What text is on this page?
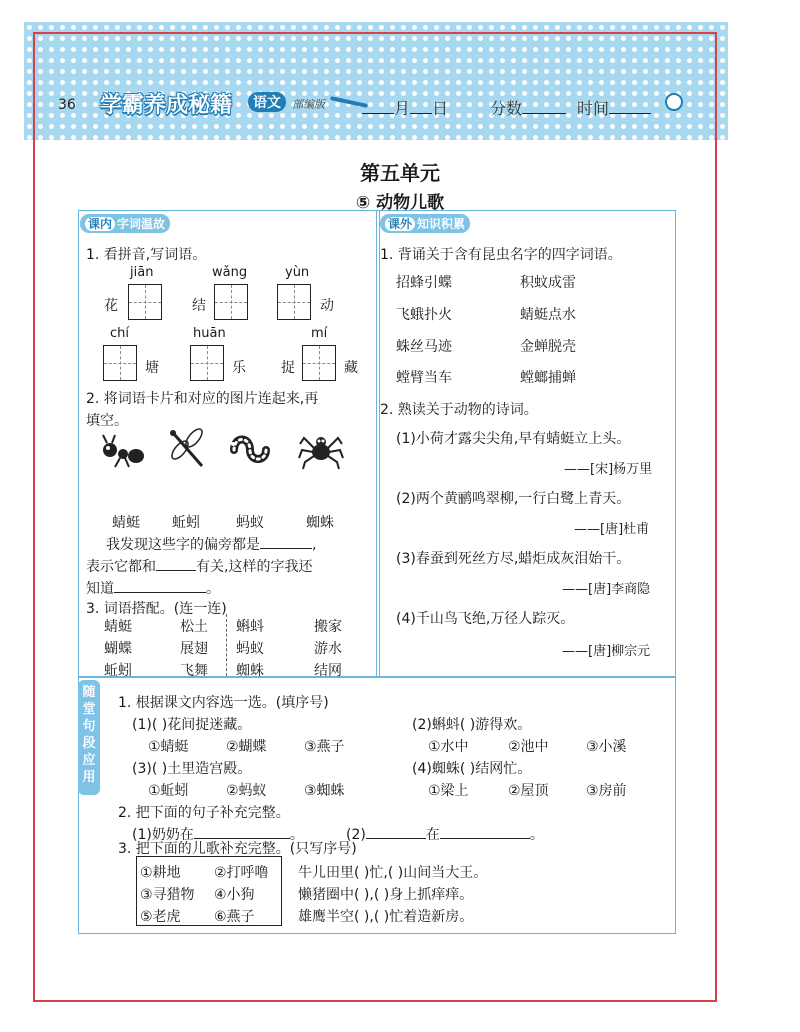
36 学霸养成秘籍	语文	部编版	月 日	分数	时间
第五单元
⑤ 动物儿歌
课内 字词温故
1. 看拼音,写词语。
jiān	wǎng	yùn
花	结	动
chí	huān	mí
塘	乐	捉	藏
2. 将词语卡片和对应的图片连起来,再
填空。
蜻蜓 蚯蚓	蚂蚁	蜘蛛
我发现这些字的偏旁都是	,
表示它都和	有关,这样的字我还
知道	。
3. 词语搭配。(连一连)
蜻蜓	松土
蝴蝶	展翅
蚯蚓	飞舞
蝌蚪	搬家
蚂蚁	游水
蜘蛛	结网
课外 知识积累
1. 背诵关于含有昆虫名字的四字词语。
招蜂引蝶	积蚊成雷
飞蛾扑火	蜻蜓点水
蛛丝马迹	金蝉脱壳
螳臂当车	螳螂捕蝉
2. 熟读关于动物的诗词。
(1)小荷才露尖尖角,早有蜻蜓立上头。
——[宋]杨万里
(2)两个黄鹂鸣翠柳,一行白鹭上青天。
——[唐]杜甫
(3)春蚕到死丝方尽,蜡炬成灰泪始干。
——[唐]李商隐
(4)千山鸟飞绝,万径人踪灭。
——[唐]柳宗元
随
堂
句
段
应
用
1. 根据课文内容选一选。(填序号)
(1)( )花间捉迷藏。
①蜻蜓	②蝴蝶	③燕子
(2)蝌蚪( )游得欢。
①水中	②池中	③小溪
(3)( )土里造宫殿。
①蚯蚓	②蚂蚁	③蜘蛛
(4)蜘蛛( )结网忙。
①梁上	②屋顶	③房前
2. 把下面的句子补充完整。
(1)奶奶在	。	(2)	在	。
3. 把下面的儿歌补充完整。(只写序号)
①耕地 ②打呼噜
③寻猎物 ④小狗
⑤老虎 ⑥燕子
牛儿田里( )忙,( )山间当大王。
懒猪圈中( ),( )身上抓痒痒。
雄鹰半空( ),( )忙着造新房。
